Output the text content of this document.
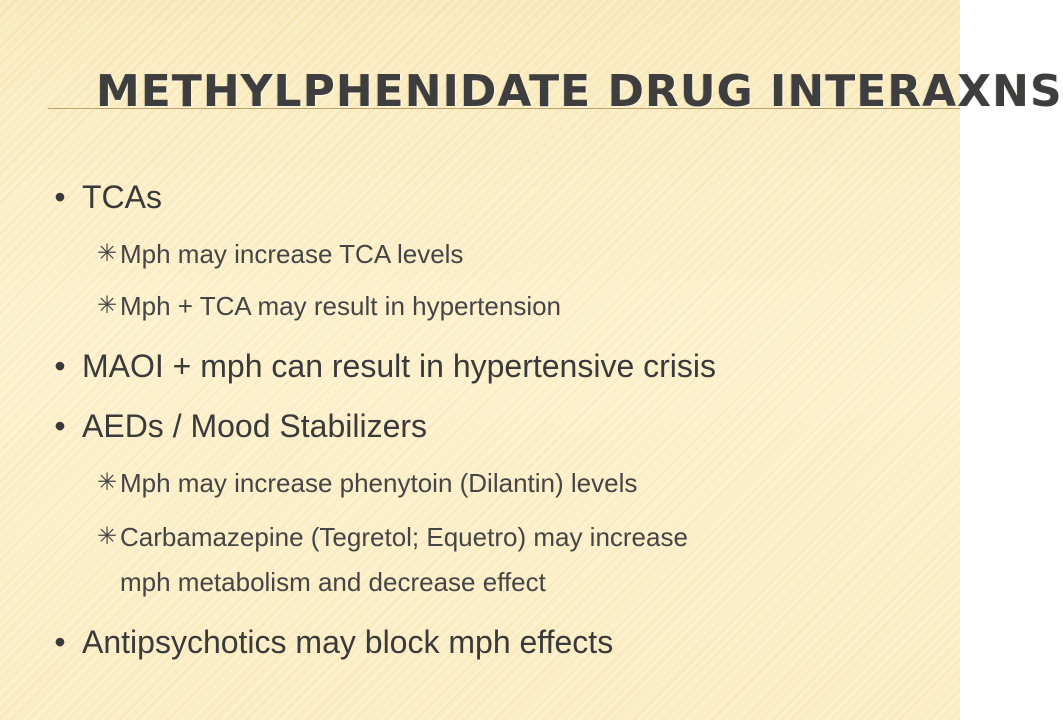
METHYLPHENIDATE DRUG INTERAXNS
• TCAs
✳ Mph may increase TCA levels
✳ Mph + TCA may result in hypertension
• MAOI + mph can result in hypertensive crisis
• AEDs / Mood Stabilizers
✳ Mph may increase phenytoin (Dilantin) levels
✳ Carbamazepine (Tegretol; Equetro) may increase
mph metabolism and decrease effect
• Antipsychotics may block mph effects
